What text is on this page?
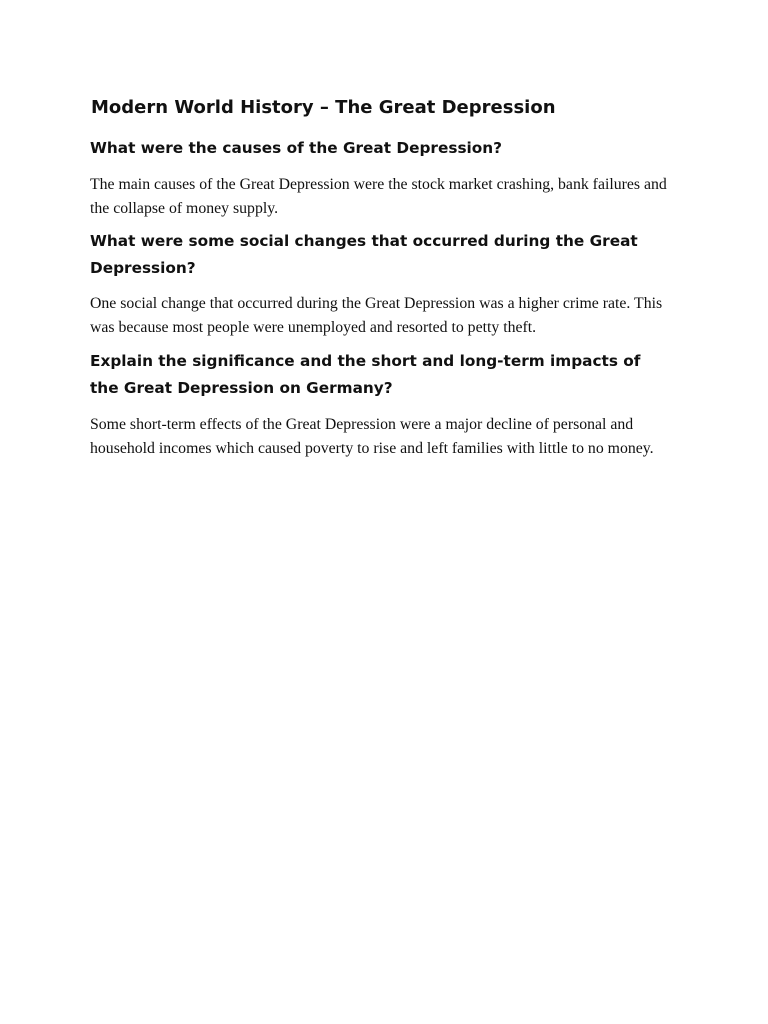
Modern World History – The Great Depression
What were the causes of the Great Depression?

The main causes of the Great Depression were the stock market crashing, bank failures and the collapse of money supply.

What were some social changes that occurred during the Great Depression?

One social change that occurred during the Great Depression was a higher crime rate. This was because most people were unemployed and resorted to petty theft.

Explain the significance and the short and long-term impacts of the Great Depression on Germany?

Some short-term effects of the Great Depression were a major decline of personal and household incomes which caused poverty to rise and left families with little to no money.
